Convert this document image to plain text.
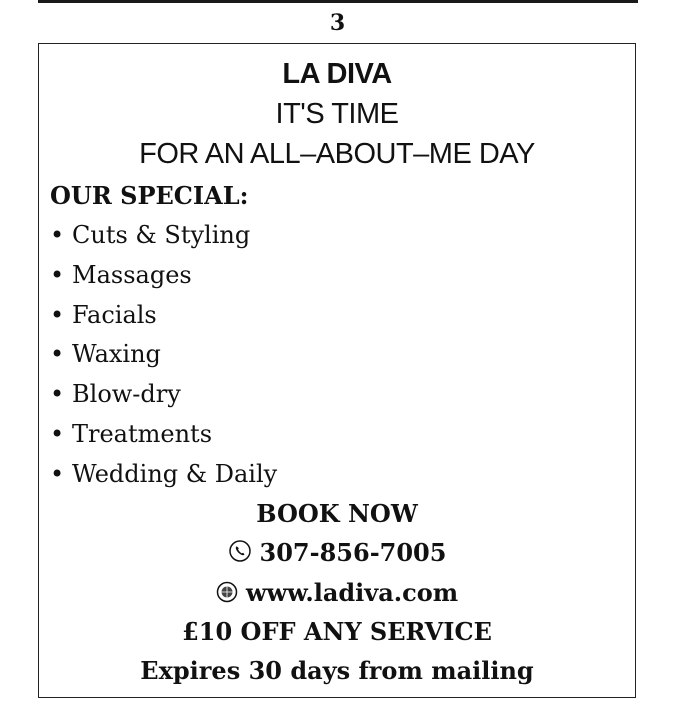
3
LA DIVA
IT'S TIME
FOR AN ALL–ABOUT–ME DAY
OUR SPECIAL:
• Cuts & Styling
• Massages
• Facials
• Waxing
• Blow-dry
• Treatments
• Wedding & Daily
BOOK NOW
307-856-7005
www.ladiva.com
£10 OFF ANY SERVICE
Expires 30 days from mailing
